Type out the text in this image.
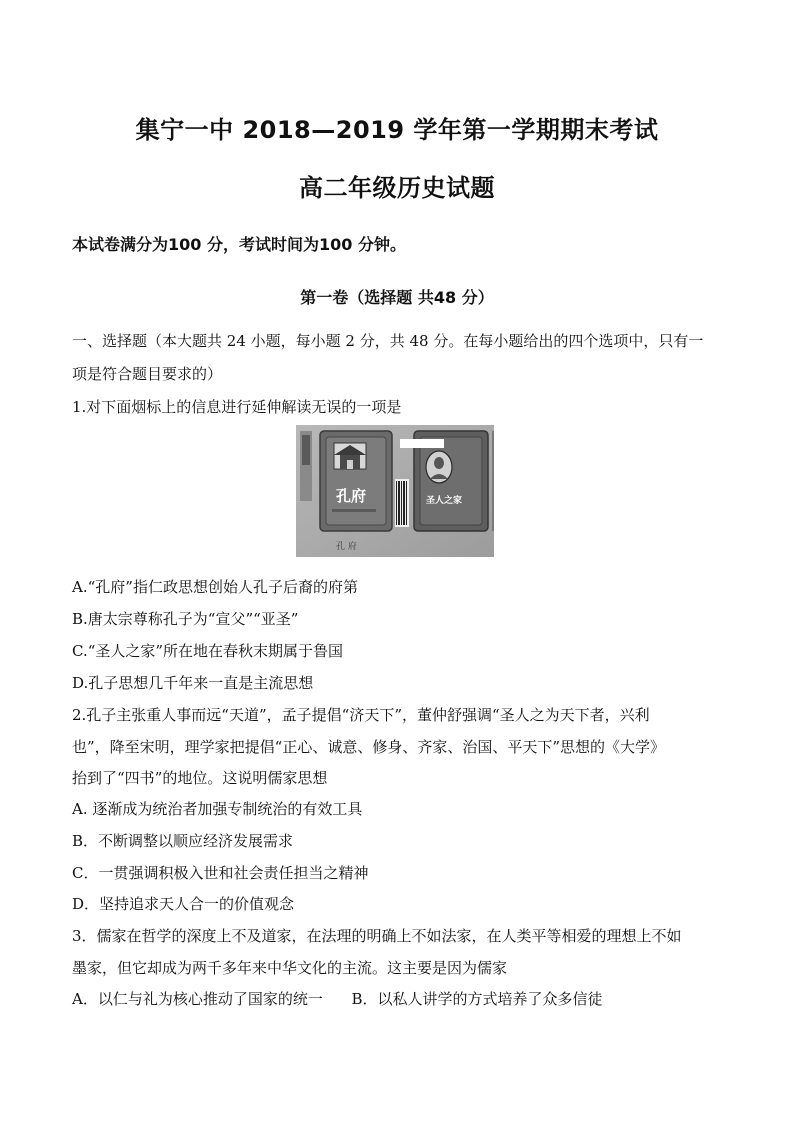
集宁一中 2018—2019 学年第一学期期末考试
高二年级历史试题
本试卷满分为100 分，考试时间为100 分钟。
第一卷（选择题 共48 分）
一、选择题（本大题共 24 小题，每小题 2 分，共 48 分。在每小题给出的四个选项中，只有一
项是符合题目要求的）
1.对下面烟标上的信息进行延伸解读无误的一项是
孔府	圣人之家
孔 府
A.“孔府”指仁政思想创始人孔子后裔的府第
B.唐太宗尊称孔子为“宣父”“亚圣”
C.“圣人之家”所在地在春秋末期属于鲁国
D.孔子思想几千年来一直是主流思想
2.孔子主张重人事而远“天道”，孟子提倡“济天下”，董仲舒强调“圣人之为天下者，兴利
也”，降至宋明，理学家把提倡“正心、诚意、修身、齐家、治国、平天下”思想的《大学》
抬到了“四书”的地位。这说明儒家思想
A. 逐渐成为统治者加强专制统治的有效工具
B．不断调整以顺应经济发展需求
C．一贯强调积极入世和社会责任担当之精神
D．坚持追求天人合一的价值观念
3．儒家在哲学的深度上不及道家，在法理的明确上不如法家，在人类平等相爱的理想上不如
墨家，但它却成为两千多年来中华文化的主流。这主要是因为儒家
A．以仁与礼为核心推动了国家的统一      B．以私人讲学的方式培养了众多信徒
